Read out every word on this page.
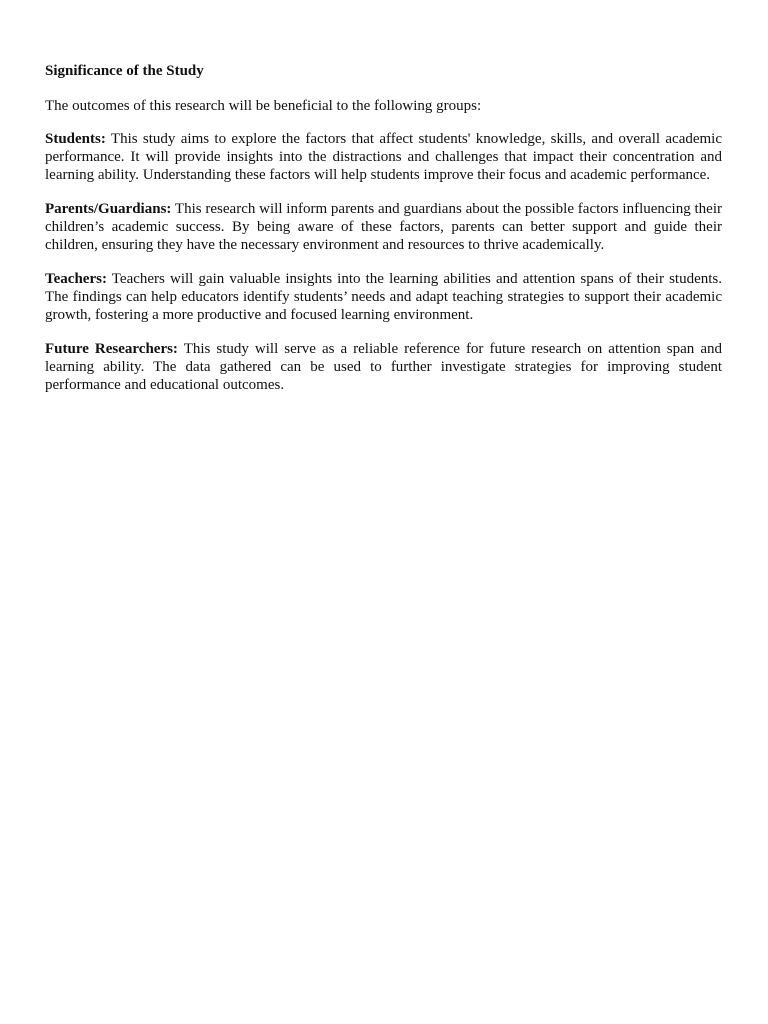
Significance of the Study

The outcomes of this research will be beneficial to the following groups:

Students: This study aims to explore the factors that affect students' knowledge, skills, and overall academic performance. It will provide insights into the distractions and challenges that impact their concentration and learning ability. Understanding these factors will help students improve their focus and academic performance.

Parents/Guardians: This research will inform parents and guardians about the possible factors influencing their children’s academic success. By being aware of these factors, parents can better support and guide their children, ensuring they have the necessary environment and resources to thrive academically.

Teachers: Teachers will gain valuable insights into the learning abilities and attention spans of their students. The findings can help educators identify students’ needs and adapt teaching strategies to support their academic growth, fostering a more productive and focused learning environment.

Future Researchers: This study will serve as a reliable reference for future research on attention span and learning ability. The data gathered can be used to further investigate strategies for improving student performance and educational outcomes.
